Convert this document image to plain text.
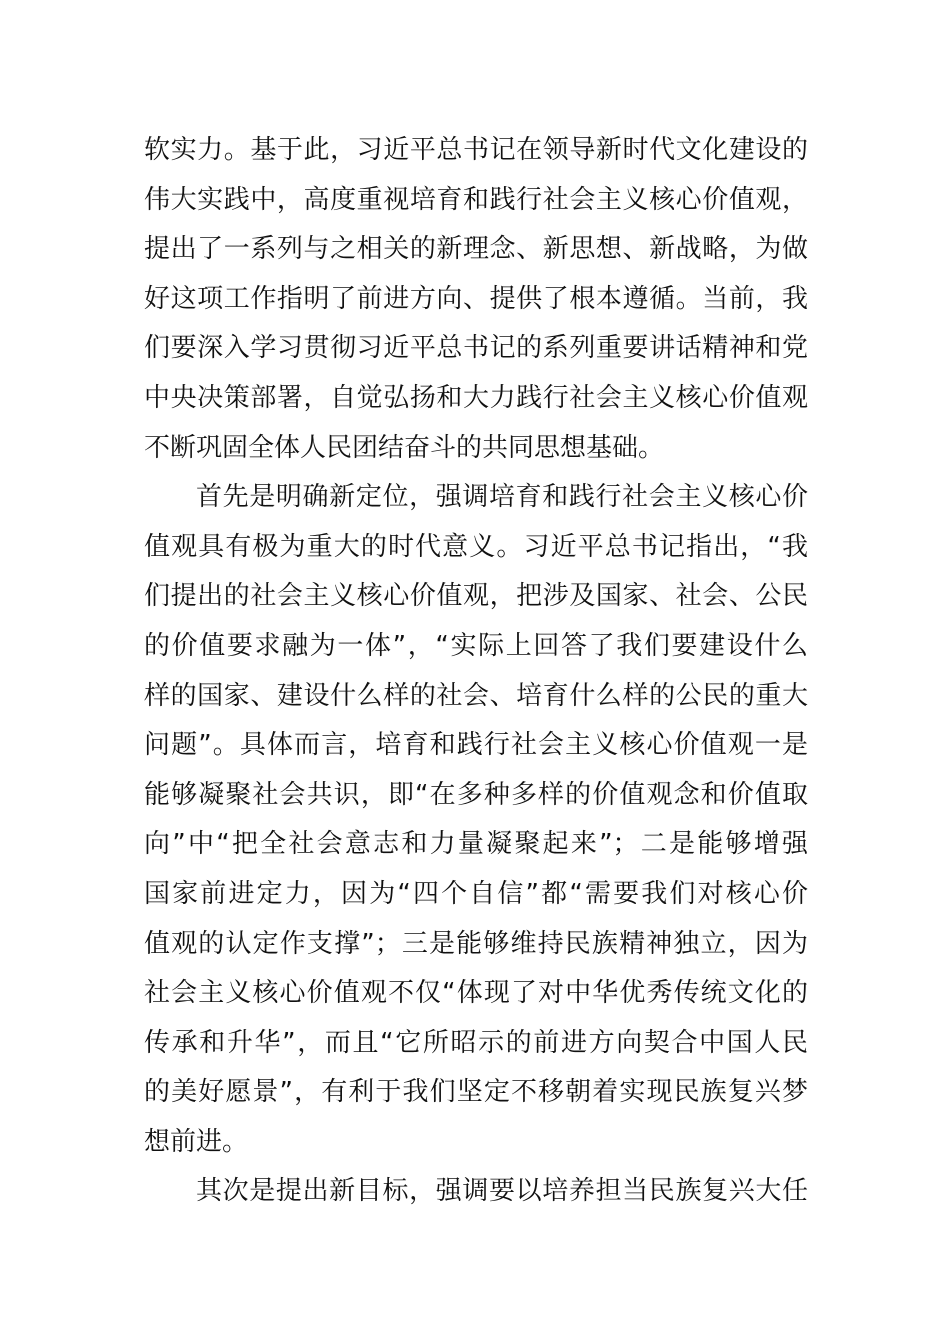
软实力。基于此，习近平总书记在领导新时代文化建设的
伟大实践中，高度重视培育和践行社会主义核心价值观，
提出了一系列与之相关的新理念、新思想、新战略，为做
好这项工作指明了前进方向、提供了根本遵循。当前，我
们要深入学习贯彻习近平总书记的系列重要讲话精神和党
中央决策部署，自觉弘扬和大力践行社会主义核心价值观
不断巩固全体人民团结奋斗的共同思想基础。
首先是明确新定位，强调培育和践行社会主义核心价
值观具有极为重大的时代意义。习近平总书记指出，“我
们提出的社会主义核心价值观，把涉及国家、社会、公民
的价值要求融为一体”，“实际上回答了我们要建设什么
样的国家、建设什么样的社会、培育什么样的公民的重大
问题”。具体而言，培育和践行社会主义核心价值观一是
能够凝聚社会共识，即“在多种多样的价值观念和价值取
向”中“把全社会意志和力量凝聚起来”；二是能够增强
国家前进定力，因为“四个自信”都“需要我们对核心价
值观的认定作支撑”；三是能够维持民族精神独立，因为
社会主义核心价值观不仅“体现了对中华优秀传统文化的
传承和升华”，而且“它所昭示的前进方向契合中国人民
的美好愿景”，有利于我们坚定不移朝着实现民族复兴梦
想前进。
其次是提出新目标，强调要以培养担当民族复兴大任
